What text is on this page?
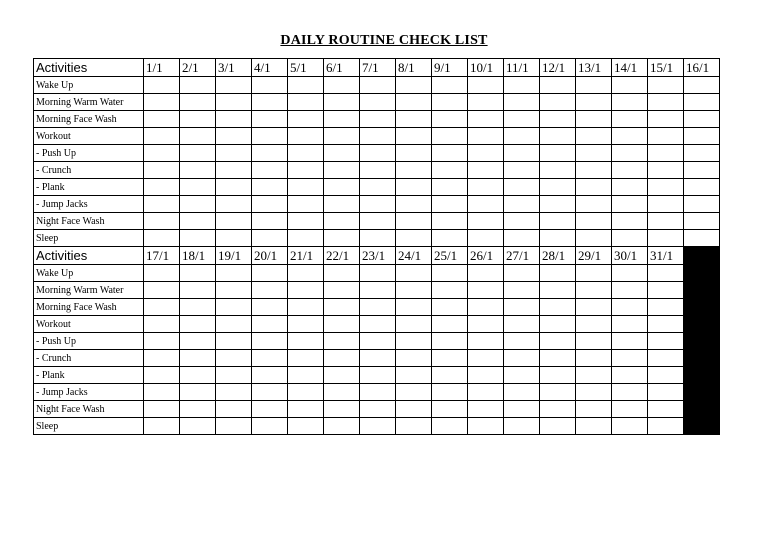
DAILY ROUTINE CHECK LIST
Activities	1/1	2/1	3/1	4/1	5/1	6/1	7/1	8/1	9/1	10/1	11/1	12/1	13/1	14/1	15/1	16/1
Wake Up																
Morning Warm Water																
Morning Face Wash																
Workout																
- Push Up																
- Crunch																
- Plank																
- Jump Jacks																
Night Face Wash																
Sleep																
Activities	17/1	18/1	19/1	20/1	21/1	22/1	23/1	24/1	25/1	26/1	27/1	28/1	29/1	30/1	31/1	
Wake Up																
Morning Warm Water																
Morning Face Wash																
Workout																
- Push Up																
- Crunch																
- Plank																
- Jump Jacks																
Night Face Wash																
Sleep																
